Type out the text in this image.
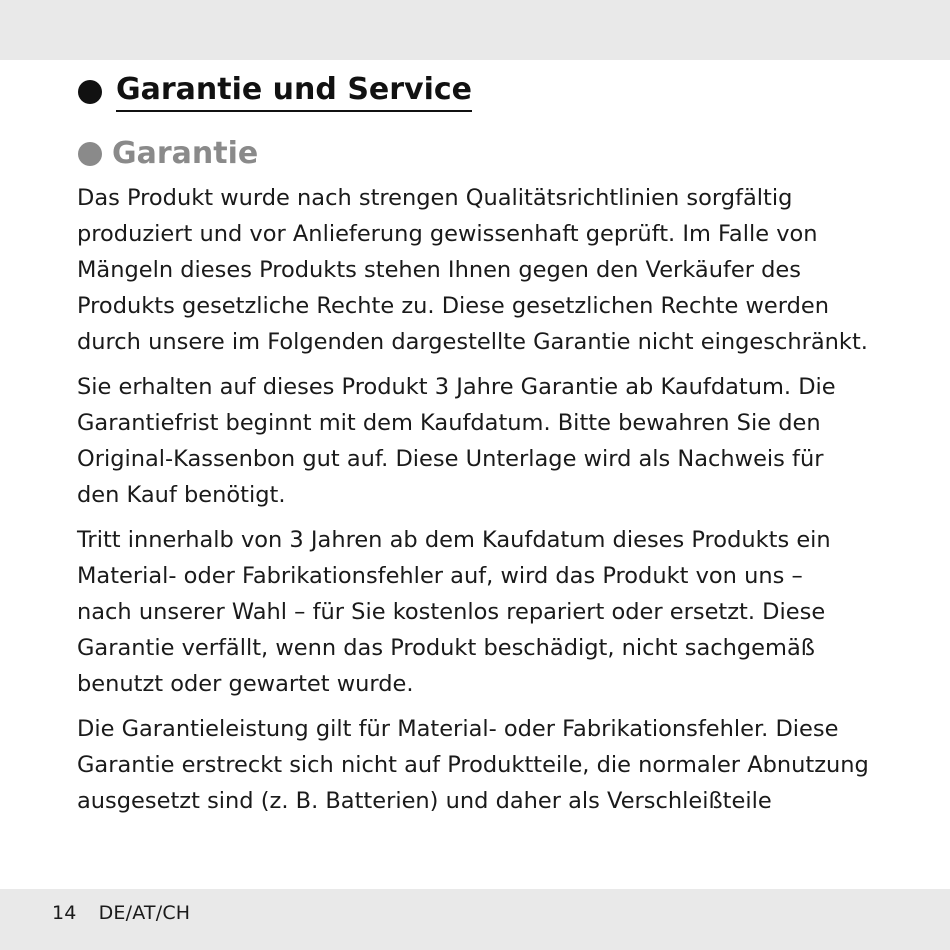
Garantie und Service
Garantie

Das Produkt wurde nach strengen Qualitätsrichtlinien sorgfältig
produziert und vor Anlieferung gewissenhaft geprüft. Im Falle von
Mängeln dieses Produkts stehen Ihnen gegen den Verkäufer des
Produkts gesetzliche Rechte zu. Diese gesetzlichen Rechte werden
durch unsere im Folgenden dargestellte Garantie nicht eingeschränkt.

Sie erhalten auf dieses Produkt 3 Jahre Garantie ab Kaufdatum. Die
Garantiefrist beginnt mit dem Kaufdatum. Bitte bewahren Sie den
Original-Kassenbon gut auf. Diese Unterlage wird als Nachweis für
den Kauf benötigt.

Tritt innerhalb von 3 Jahren ab dem Kaufdatum dieses Produkts ein
Material- oder Fabrikationsfehler auf, wird das Produkt von uns –
nach unserer Wahl – für Sie kostenlos repariert oder ersetzt. Diese
Garantie verfällt, wenn das Produkt beschädigt, nicht sachgemäß
benutzt oder gewartet wurde.

Die Garantieleistung gilt für Material- oder Fabrikationsfehler. Diese
Garantie erstreckt sich nicht auf Produktteile, die normaler Abnutzung
ausgesetzt sind (z. B. Batterien) und daher als Verschleißteile

14 DE/AT/CH
